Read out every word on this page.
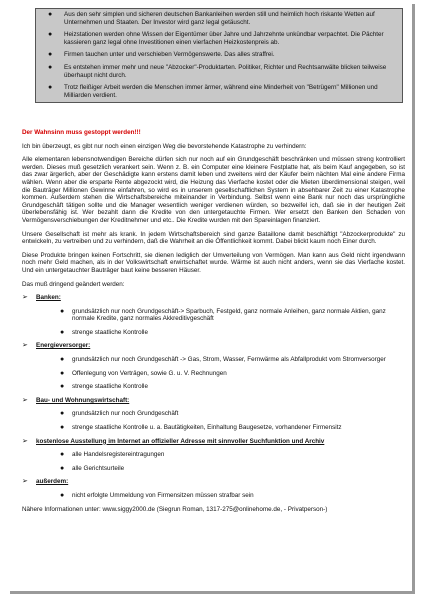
● Aus den sehr simplen und sicheren deutschen Bankanleihen werden still und heimlich hoch riskante Wetten auf Unternehmen und Staaten. Der Investor wird ganz legal getäuscht.
● Heizstationen werden ohne Wissen der Eigentümer über Jahre und Jahrzehnte unkündbar verpachtet. Die Pächter kassieren ganz legal ohne Investitionen einen vierfachen Heizkostenpreis ab.
● Firmen tauchen unter und verschieben Vermögenswerte. Das alles straffrei.
● Es entstehen immer mehr und neue "Abzocker"-Produktarten. Politiker, Richter und Rechtsanwälte blicken teilweise überhaupt nicht durch.
● Trotz fleißiger Arbeit werden die Menschen immer ärmer, während eine Minderheit von "Betrügern" Millionen und Milliarden verdient.

Der Wahnsinn muss gestoppt werden!!!

Ich bin überzeugt, es gibt nur noch einen einzigen Weg die bevorstehende Katastrophe zu verhindern:

Alle elementaren lebensnotwendigen Bereiche dürfen sich nur noch auf ein Grundgeschäft beschränken und müssen streng kontrolliert werden. Dieses muß gesetzlich verankert sein. Wenn z. B. ein Computer eine kleinere Festplatte hat, als beim Kauf angegeben, so ist das zwar ärgerlich, aber der Geschädigte kann erstens damit leben und zweitens wird der Käufer beim nächten Mal eine andere Firma wählen. Wenn aber die ersparte Rente abgezockt wird, die Heizung das Vierfache kostet oder die Mieten überdimensional steigen, weil die Bauträger Millionen Gewinne einfahren, so wird es in unserem gesellschaftlichen System in absehbarer Zeit zu einer Katastrophe kommen. Außerdem stehen die Wirtschaftsbereiche miteinander in Verbindung. Selbst wenn eine Bank nur noch das ursprüngliche Grundgeschäft tätigen sollte und die Manager wesentlich weniger verdienen würden, so bezweifel ich, daß sie in der heutigen Zeit überlebensfähig ist. Wer bezahlt dann die Kredite von den untergetauchte Firmen. Wer ersetzt den Banken den Schaden von Vermögensverschiebungen der Kreditnehmer und etc.. Die Kredite wurden mit den Spareinlagen finanziert.

Unsere Gesellschaft ist mehr als krank. In jedem Wirtschaftsbereich sind ganze Bataillone damit beschäftigt "Abzockerprodukte" zu entwickeln, zu vertreiben und zu verhindern, daß die Wahrheit an die Öffentlichkeit kommt. Dabei blickt kaum noch Einer durch.

Diese Produkte bringen keinen Fortschritt, sie dienen lediglich der Umverteilung von Vermögen. Man kann aus Geld nicht irgendwann noch mehr Geld machen, als in der Volkswirtschaft erwirtschaftet wurde. Wärme ist auch nicht anders, wenn sie das Vierfache kostet. Und ein untergetauchter Bauträger baut keine besseren Häuser.

Das muß dringend geändert werden:

➢ Banken:

● grundsätzlich nur noch Grundgeschäft-> Sparbuch, Festgeld, ganz normale Anleihen, ganz normale Aktien, ganz normale Kredite, ganz normales Akkreditivgeschäft
● strenge staatliche Kontrolle

➢ Energieversorger:

● grundsätzlich nur noch Grundgeschäft -> Gas, Strom, Wasser, Fernwärme als Abfallprodukt vom Stromversorger
● Offenlegung von Verträgen, sowie G. u. V. Rechnungen
● strenge staatliche Kontrolle

➢ Bau- und Wohnungswirtschaft:

● grundsätzlich nur noch Grundgeschäft
● strenge staatliche Kontrolle u. a. Bautätigkeiten, Einhaltung Baugesetze, vorhandener Firmensitz

➢ kostenlose Ausstellung im Internet an offizieller Adresse mit sinnvoller Suchfunktion und Archiv

● alle Handelsregistereintragungen
● alle Gerichtsurteile

➢ außerdem:

● nicht erfolgte Ummeldung von Firmensitzen müssen strafbar sein

Nähere Informationen unter: www.siggy2000.de (Siegrun Roman, 1317-275@onlinehome.de, - Privatperson-)
